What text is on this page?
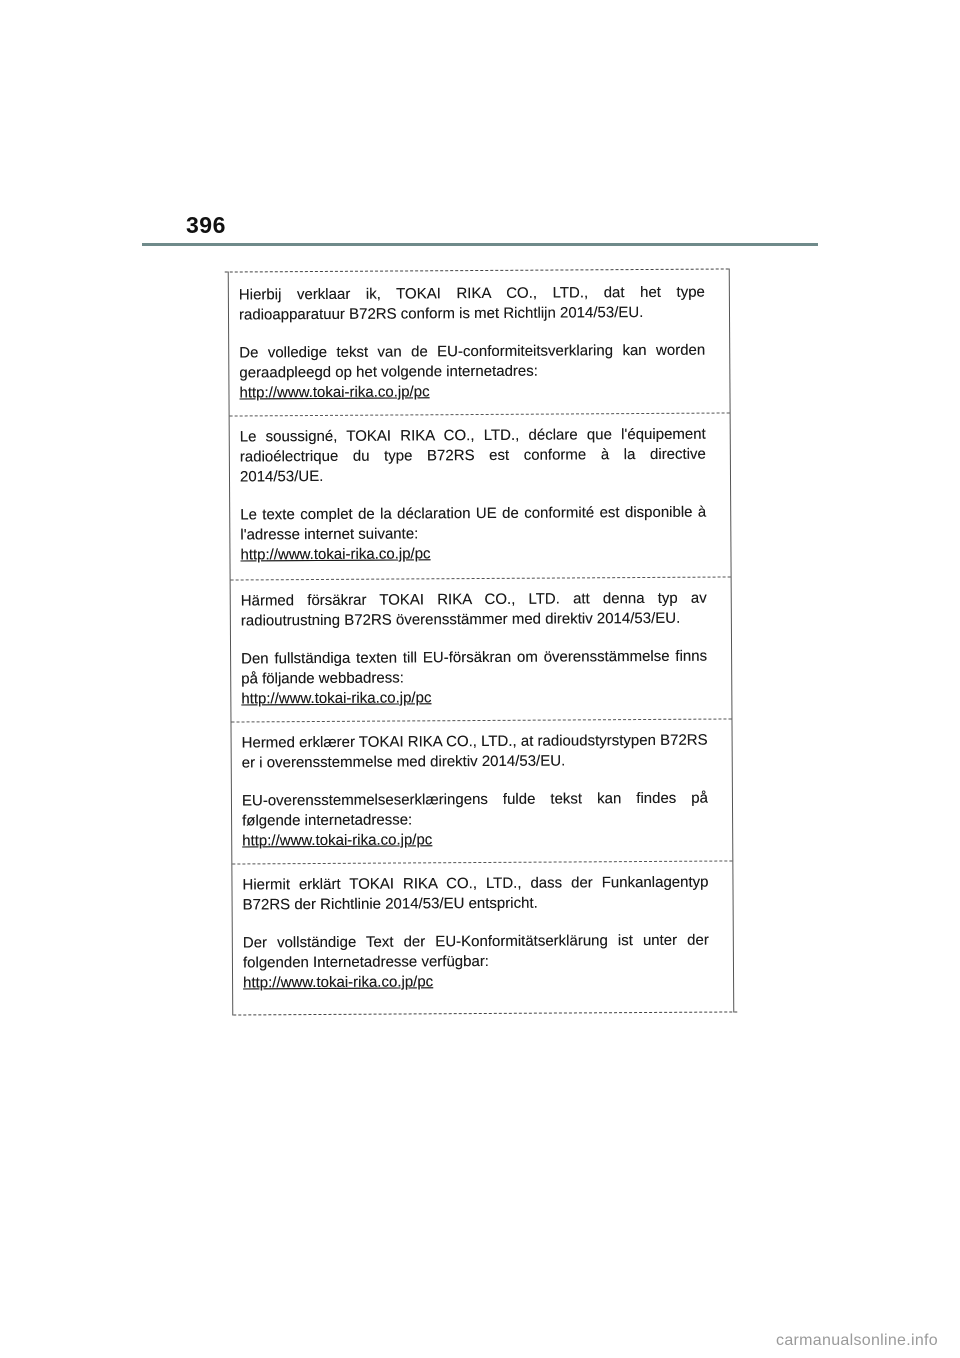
396

Hierbij verklaar ik, TOKAI RIKA CO., LTD., dat het type radioapparatuur B72RS conform is met Richtlijn 2014/53/EU.

De volledige tekst van de EU-conformiteitsverklaring kan worden geraadpleegd op het volgende internetadres:

http://www.tokai-rika.co.jp/pc

Le soussigné, TOKAI RIKA CO., LTD., déclare que l'équipement radioélectrique du type B72RS est conforme à la directive 2014/53/UE.

Le texte complet de la déclaration UE de conformité est disponible à l'adresse internet suivante:

http://www.tokai-rika.co.jp/pc

Härmed försäkrar TOKAI RIKA CO., LTD. att denna typ av radioutrustning B72RS överensstämmer med direktiv 2014/53/EU.

Den fullständiga texten till EU-försäkran om överensstämmelse finns på följande webbadress:

http://www.tokai-rika.co.jp/pc

Hermed erklærer TOKAI RIKA CO., LTD., at radioudstyrstypen B72RS er i overensstemmelse med direktiv 2014/53/EU.

EU-overensstemmelseserklæringens fulde tekst kan findes på følgende internetadresse:

http://www.tokai-rika.co.jp/pc

Hiermit erklärt TOKAI RIKA CO., LTD., dass der Funkanlagentyp B72RS der Richtlinie 2014/53/EU entspricht.

Der vollständige Text der EU-Konformitätserklärung ist unter der folgenden Internetadresse verfügbar:

http://www.tokai-rika.co.jp/pc
carmanualsonline.info
